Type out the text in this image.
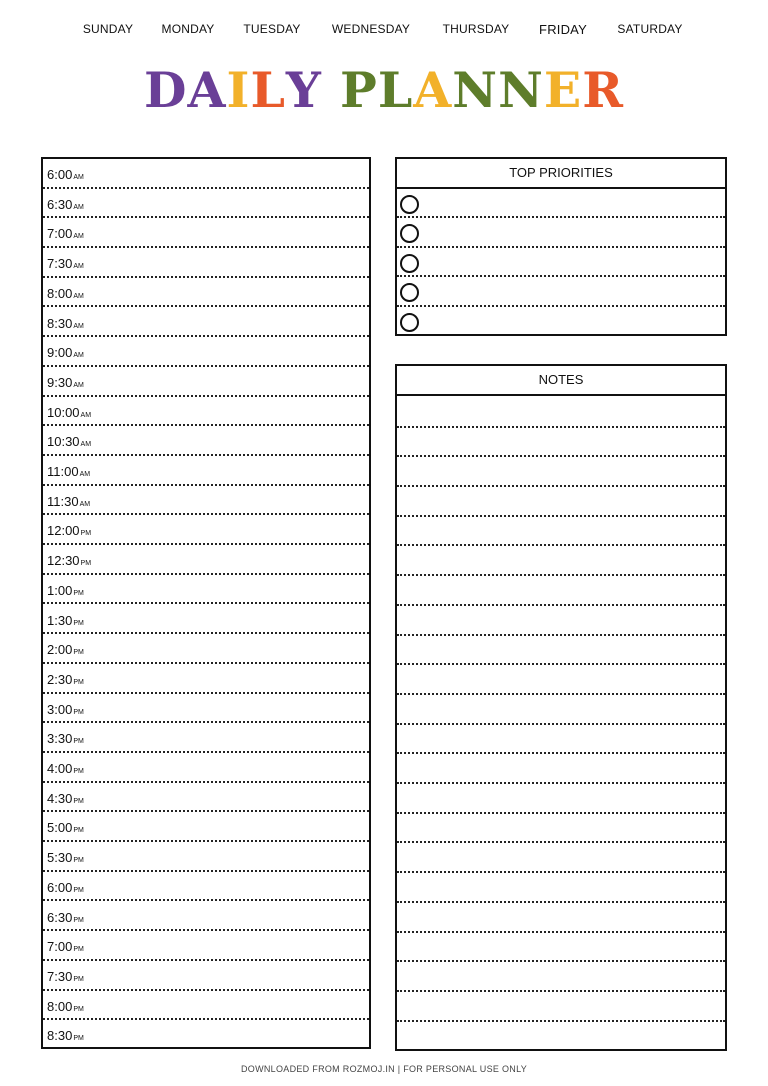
SUNDAY MONDAY TUESDAY	WEDNESDAY	THURSDAY FRIDAY	SATURDAY
DAILY PLANNER
6:00AM
6:30AM
7:00AM
7:30AM
8:00AM
8:30AM
9:00AM
9:30AM
10:00AM
10:30AM
11:00AM
11:30AM
12:00PM
12:30PM
1:00PM
1:30PM
2:00PM
2:30PM
3:00PM
3:30PM
4:00PM
4:30PM
5:00PM
5:30PM
6:00PM
6:30PM
7:00PM
7:30PM
8:00PM
8:30PM
TOP PRIORITIES
NOTES
DOWNLOADED FROM ROZMOJ.IN | FOR PERSONAL USE ONLY
